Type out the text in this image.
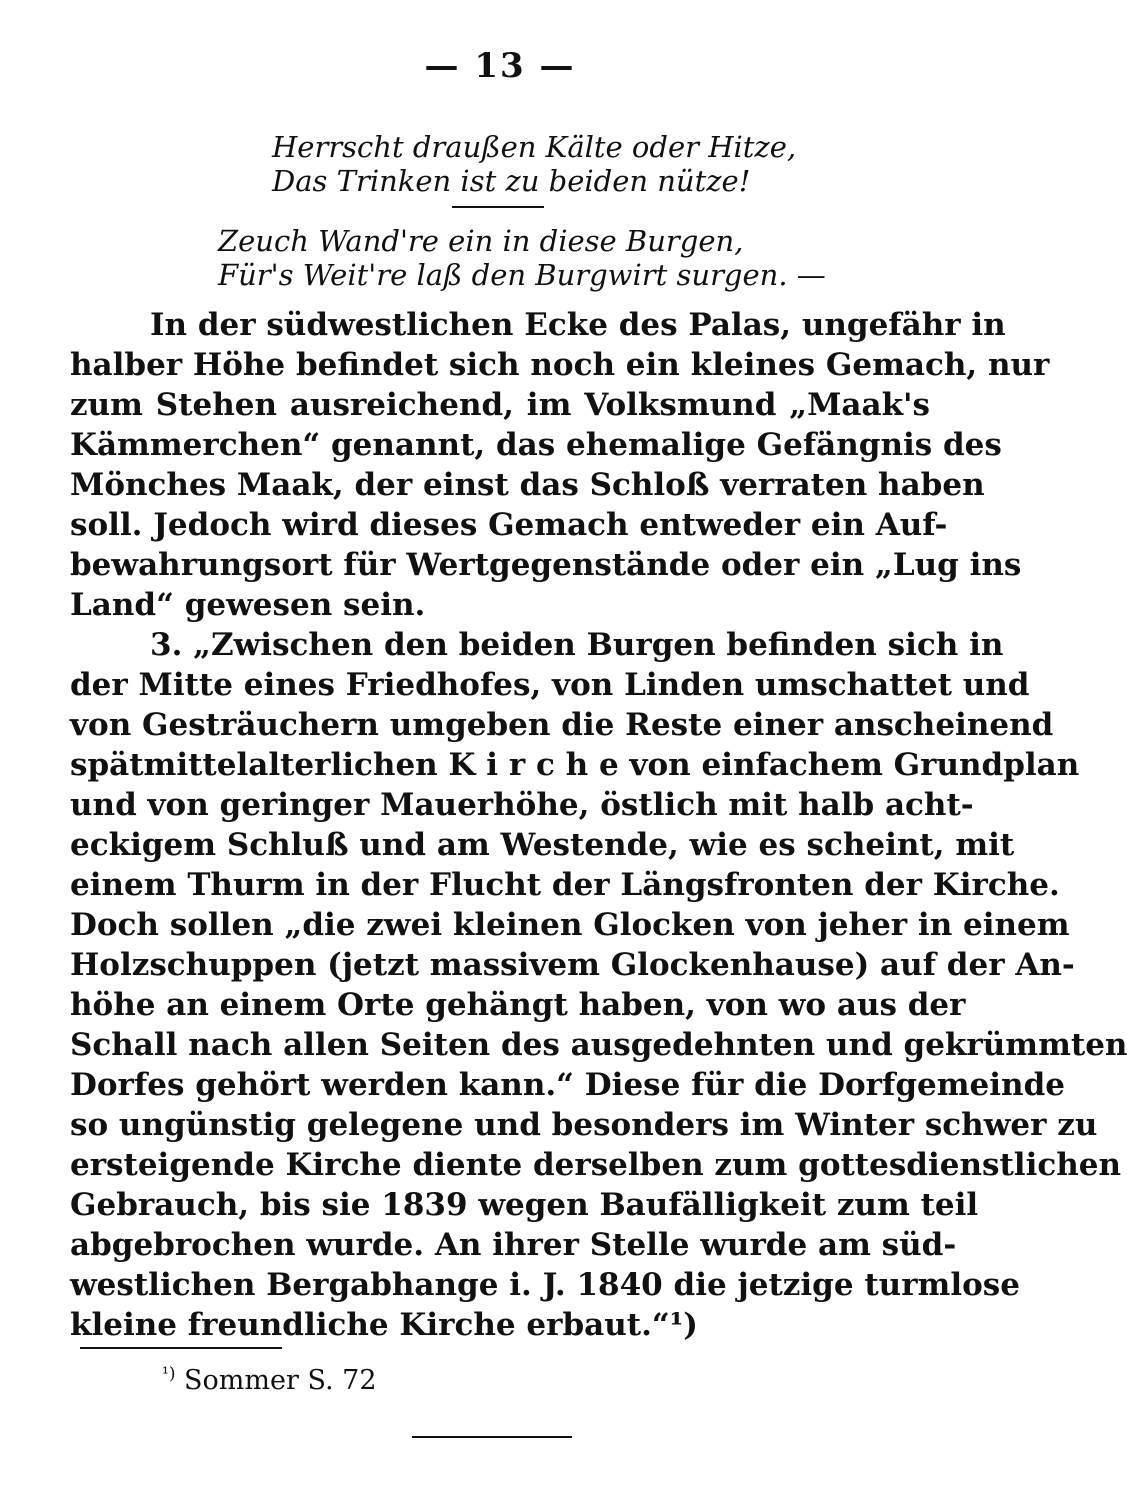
— 13 —
Herrscht draußen Kälte oder Hitze,
Das Trinken ist zu beiden nütze!
Zeuch Wand're ein in diese Burgen,
Für's Weit're laß den Burgwirt surgen. —
In der südwestlichen Ecke des Palas, ungefähr in
halber Höhe befindet sich noch ein kleines Gemach, nur
zum Stehen ausreichend, im Volksmund „Maak's
Kämmerchen“ genannt, das ehemalige Gefängnis des
Mönches Maak, der einst das Schloß verraten haben
soll. Jedoch wird dieses Gemach entweder ein Auf-
bewahrungsort für Wertgegenstände oder ein „Lug ins
Land“ gewesen sein.
3. „Zwischen den beiden Burgen befinden sich in
der Mitte eines Friedhofes, von Linden umschattet und
von Gesträuchern umgeben die Reste einer anscheinend
spätmittelalterlichen K i r c h e von einfachem Grundplan
und von geringer Mauerhöhe, östlich mit halb acht-
eckigem Schluß und am Westende, wie es scheint, mit
einem Thurm in der Flucht der Längsfronten der Kirche.
Doch sollen „die zwei kleinen Glocken von jeher in einem
Holzschuppen (jetzt massivem Glockenhause) auf der An-
höhe an einem Orte gehängt haben, von wo aus der
Schall nach allen Seiten des ausgedehnten und gekrümmten
Dorfes gehört werden kann.“ Diese für die Dorfgemeinde
so ungünstig gelegene und besonders im Winter schwer zu
ersteigende Kirche diente derselben zum gottesdienstlichen
Gebrauch, bis sie 1839 wegen Baufälligkeit zum teil
abgebrochen wurde. An ihrer Stelle wurde am süd-
westlichen Bergabhange i. J. 1840 die jetzige turmlose
kleine freundliche Kirche erbaut.“¹)
$^{^1)}$ Sommer S. 72
